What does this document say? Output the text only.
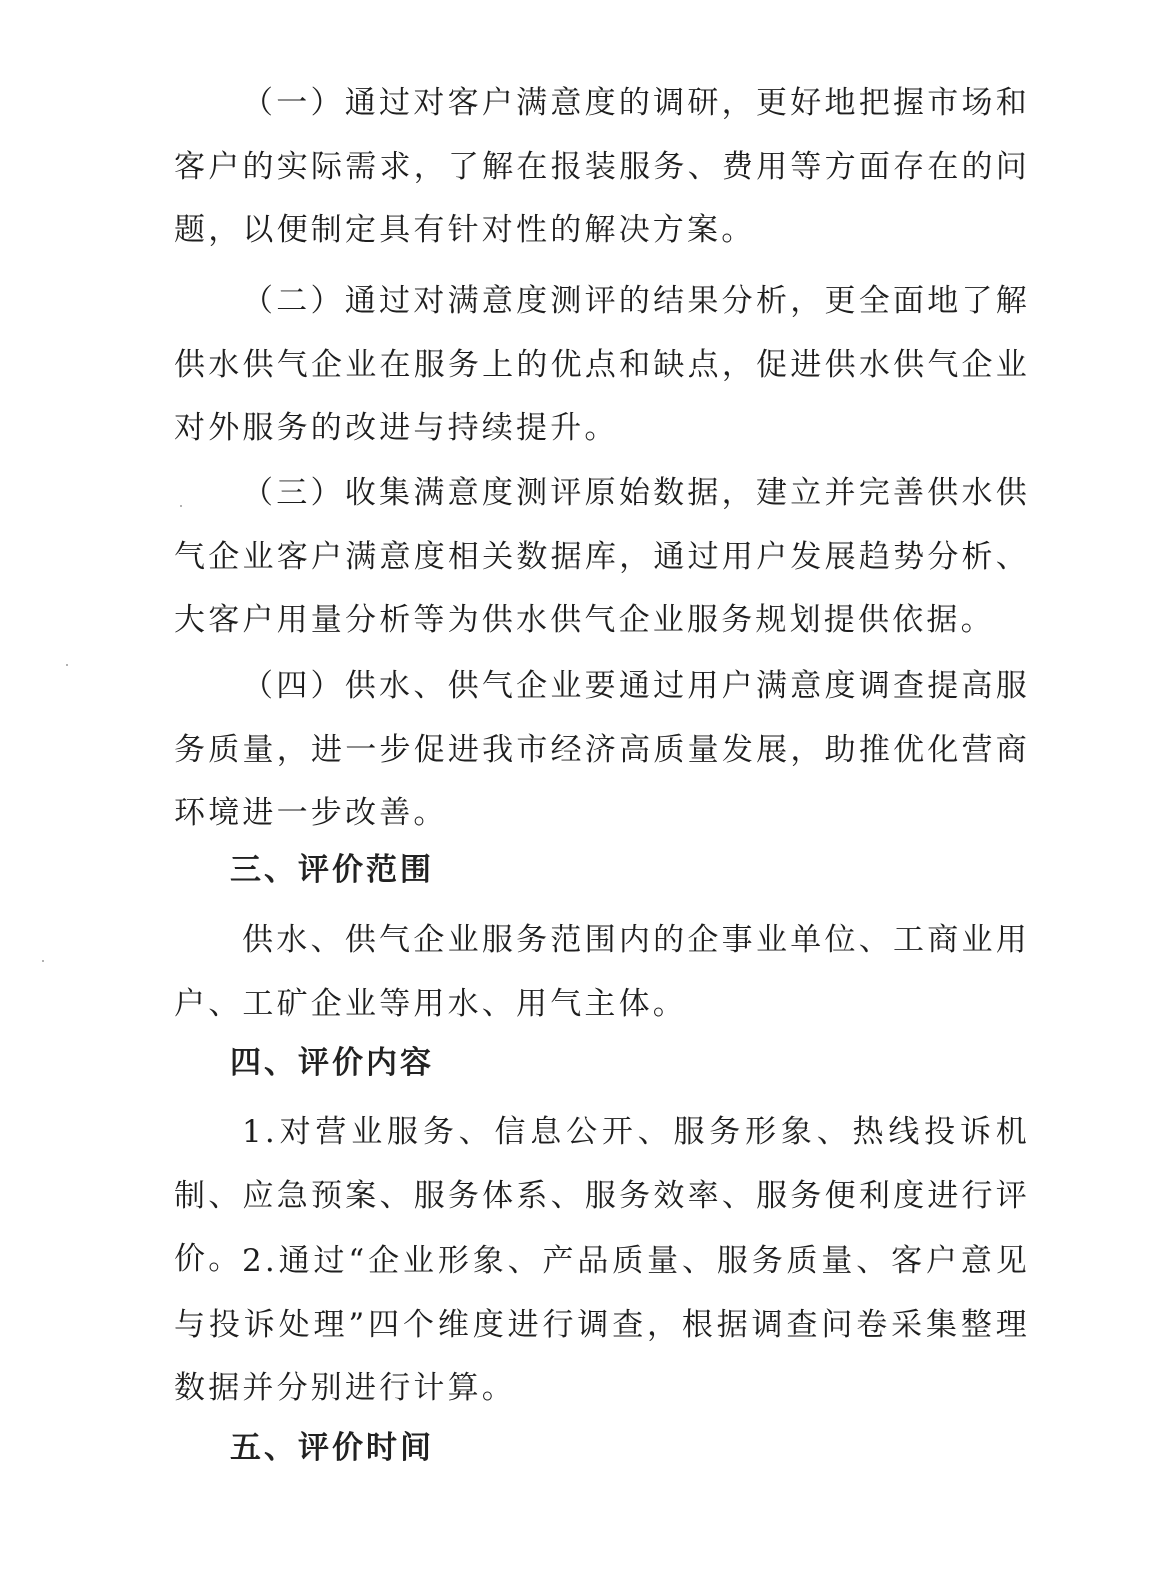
（一）通过对客户满意度的调研，更好地把握市场和客户的实际需求，了解在报装服务、费用等方面存在的问题，以便制定具有针对性的解决方案。

（二）通过对满意度测评的结果分析，更全面地了解供水供气企业在服务上的优点和缺点，促进供水供气企业对外服务的改进与持续提升。

（三）收集满意度测评原始数据，建立并完善供水供气企业客户满意度相关数据库，通过用户发展趋势分析、大客户用量分析等为供水供气企业服务规划提供依据。

（四）供水、供气企业要通过用户满意度调查提高服务质量，进一步促进我市经济高质量发展，助推优化营商环境进一步改善。

三、评价范围

供水、供气企业服务范围内的企事业单位、工商业用户、工矿企业等用水、用气主体。

四、评价内容

1.对营业服务、信息公开、服务形象、热线投诉机制、应急预案、服务体系、服务效率、服务便利度进行评价。 2.通过“企业形象、产品质量、服务质量、客户意见与投诉处理”四个维度进行调查，根据调查问卷采集整理数据并分别进行计算。

五、评价时间
